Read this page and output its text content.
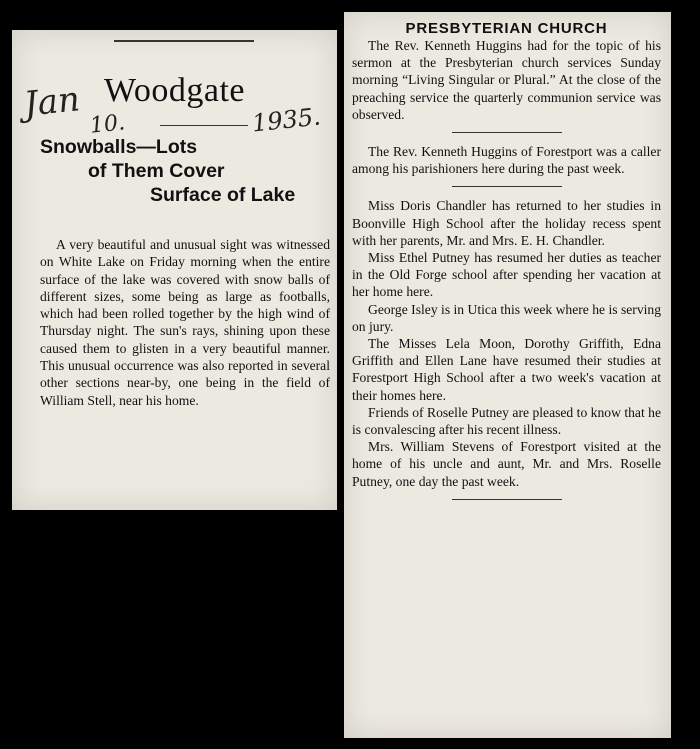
Jan 10.	1935.
Woodgate
Snowballs—Lots
of Them Cover
Surface of Lake

A very beautiful and unusual sight was witnessed on White Lake on Friday morning when the entire surface of the lake was covered with snow balls of different sizes, some being as large as footballs, which had been rolled together by the high wind of Thursday night. The sun's rays, shining upon these caused them to glisten in a very beautiful manner. This unusual occurrence was also reported in several other sections near-by, one being in the field of William Stell, near his home.

PRESBYTERIAN CHURCH

The Rev. Kenneth Huggins had for the topic of his sermon at the Presbyterian church services Sunday morning “Living Singular or Plural.” At the close of the preaching service the quarterly communion service was observed.

The Rev. Kenneth Huggins of Forestport was a caller among his parishioners here during the past week.

Miss Doris Chandler has returned to her studies in Boonville High School after the holiday recess spent with her parents, Mr. and Mrs. E. H. Chandler.

Miss Ethel Putney has resumed her duties as teacher in the Old Forge school after spending her vacation at her home here.

George Isley is in Utica this week where he is serving on jury.

The Misses Lela Moon, Dorothy Griffith, Edna Griffith and Ellen Lane have resumed their studies at Forestport High School after a two week's vacation at their homes here.

Friends of Roselle Putney are pleased to know that he is convalescing after his recent illness.

Mrs. William Stevens of Forestport visited at the home of his uncle and aunt, Mr. and Mrs. Roselle Putney, one day the past week.
